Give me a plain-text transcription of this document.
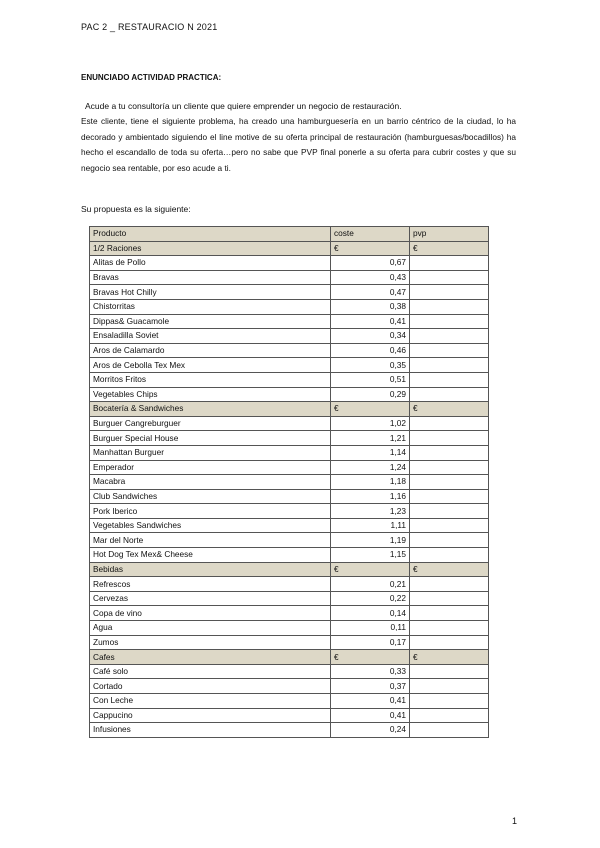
PAC 2 _ RESTAURACIO N 2021
ENUNCIADO ACTIVIDAD PRACTICA:
Acude a tu consultoría un cliente que quiere emprender un negocio de restauración.
Este cliente, tiene el siguiente problema, ha creado una hamburguesería en un barrio céntrico de la ciudad, lo ha decorado y ambientado siguiendo el line motive de su oferta principal de restauración (hamburguesas/bocadillos) ha hecho el escandallo de toda su oferta…pero no sabe que PVP final ponerle a su oferta para cubrir costes y que su negocio sea rentable, por eso acude a ti.
Su propuesta es la siguiente:
Producto	coste	pvp
1/2 Raciones	€	€
Alitas de Pollo	0,67	
Bravas	0,43	
Bravas Hot Chilly	0,47	
Chistorritas	0,38	
Dippas& Guacamole	0,41	
Ensaladilla Soviet	0,34	
Aros de Calamardo	0,46	
Aros de Cebolla Tex Mex	0,35	
Morritos Fritos	0,51	
Vegetables Chips	0,29	
Bocatería & Sandwiches	€	€
Burguer Cangreburguer	1,02	
Burguer Special House	1,21	
Manhattan Burguer	1,14	
Emperador	1,24	
Macabra	1,18	
Club Sandwiches	1,16	
Pork Iberico	1,23	
Vegetables Sandwiches	1,11	
Mar del Norte	1,19	
Hot Dog Tex Mex& Cheese	1,15	
Bebidas	€	€
Refrescos	0,21	
Cervezas	0,22	
Copa de vino	0,14	
Agua	0,11	
Zumos	0,17	
Cafes	€	€
Café solo	0,33	
Cortado	0,37	
Con Leche	0,41	
Cappucino	0,41	
Infusiones	0,24	
1
